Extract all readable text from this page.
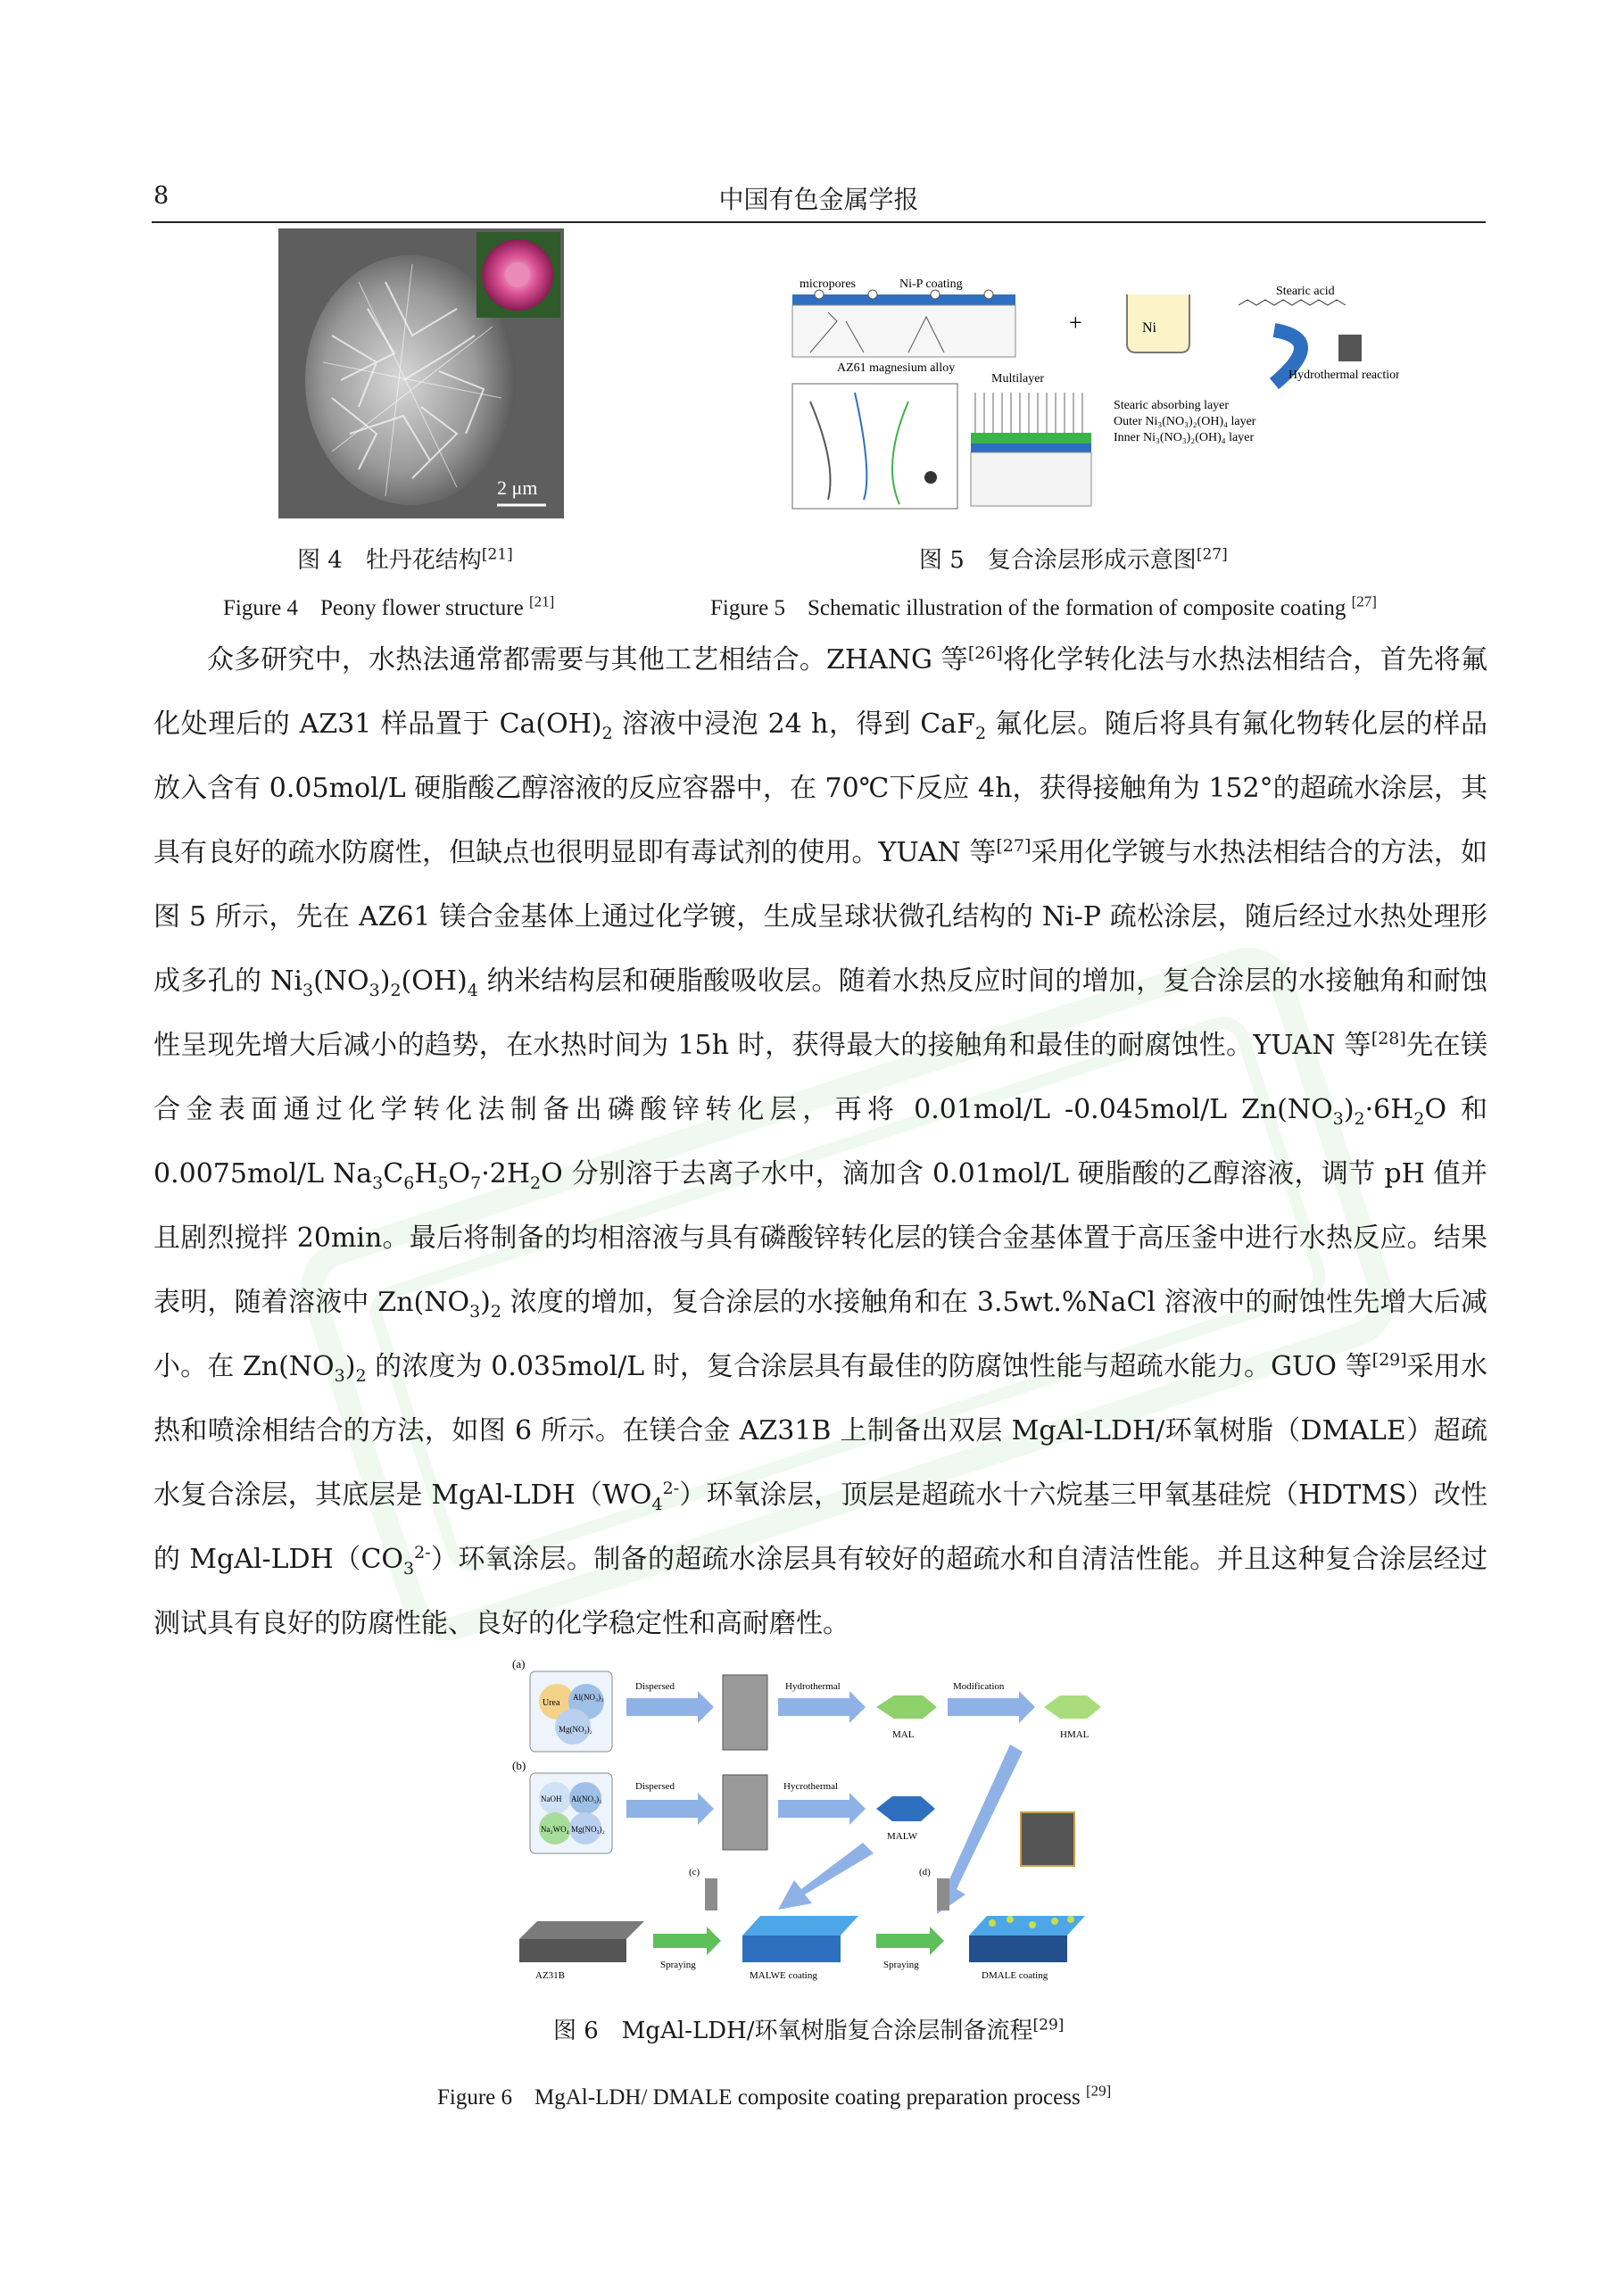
8	中国有色金属学报
2 μm
micropores	Ni-P coating
AZ61 magnesium alloy
+	Ni
Stearic acid
Hydrothermal reaction
Multilayer
Stearic absorbing layer
Outer Ni₃(NO₃)₂(OH)₄ layer
Inner Ni₃(NO₃)₂(OH)₄ layer
图 4　牡丹花结构[21]	图 5　复合涂层形成示意图[27]
Figure 4　Peony flower structure [21]	Figure 5　Schematic illustration of the formation of composite coating [27]

众多研究中，水热法通常都需要与其他工艺相结合。ZHANG 等[26]将化学转化法与水热法相结合，首先将氟化处理后的 AZ31 样品置于 $Ca(OH)_2$ 溶液中浸泡 24 h，得到 CaF$_2$ 氟化层。随后将具有氟化物转化层的样品放入含有 0.05mol/L 硬脂酸乙醇溶液的反应容器中，在 70℃下反应 4h，获得接触角为 152°的超疏水涂层，其具有良好的疏水防腐性，但缺点也很明显即有毒试剂的使用。YUAN 等[27]采用化学镀与水热法相结合的方法，如图 5 所示，先在 AZ61 镁合金基体上通过化学镀，生成呈球状微孔结构的 Ni-P 疏松涂层，随后经过水热处理形成多孔的 $Ni_3(NO_3)_2(OH)_4$ 纳米结构层和硬脂酸吸收层。随着水热反应时间的增加，复合涂层的水接触角和耐蚀性呈现先增大后减小的趋势，在水热时间为 15h 时，获得最大的接触角和最佳的耐腐蚀性。YUAN 等[28]先在镁合金表面通过化学转化法制备出磷酸锌转化层，再将 0.01mol/L -0.045mol/L $Zn(NO_3)_2\cdot 6H_2O$ 和 0.0075mol/L $Na_3C_6H_5O_7\cdot 2H_2O$ 分别溶于去离子水中，滴加含 0.01mol/L 硬脂酸的乙醇溶液，调节 pH 值并且剧烈搅拌 20min。最后将制备的均相溶液与具有磷酸锌转化层的镁合金基体置于高压釜中进行水热反应。结果表明，随着溶液中 $Zn(NO_3)_2$ 浓度的增加，复合涂层的水接触角和在 3.5wt.%NaCl 溶液中的耐蚀性先增大后减小。在 $Zn(NO_3)_2$ 的浓度为 0.035mol/L 时，复合涂层具有最佳的防腐蚀性能与超疏水能力。GUO 等[29]采用水热和喷涂相结合的方法，如图 6 所示。在镁合金 AZ31B 上制备出双层 MgAl-LDH/环氧树脂（DMALE）超疏水复合涂层，其底层是 MgAl-$LDH(WO_4^{2-})$环氧涂层，顶层是超疏水十六烷基三甲氧基硅烷（HDTMS）改性的 MgAl-$LDH(CO_3^{2-})$环氧涂层。制备的超疏水涂层具有较好的超疏水和自清洁性能。并且这种复合涂层经过测试具有良好的防腐性能、良好的化学稳定性和高耐磨性。

(a)
(b)
Urea
Al(NO₃)₃
Mg(NO₃)₂
Dispersed	Hydrothermal
MAL
Modification
HMAL
NaOH Al(NO₃)₃
Na₂WO₄ Mg(NO₃)₂
Dispersed	Hycrothermal
MALW
(c)	(d)
AZ31B
Spraying
MALWE coating
Spraying
DMALE coating
图 6　MgAl-LDH/环氧树脂复合涂层制备流程[29]
Figure 6　MgAl-LDH/ DMALE composite coating preparation process [29]
